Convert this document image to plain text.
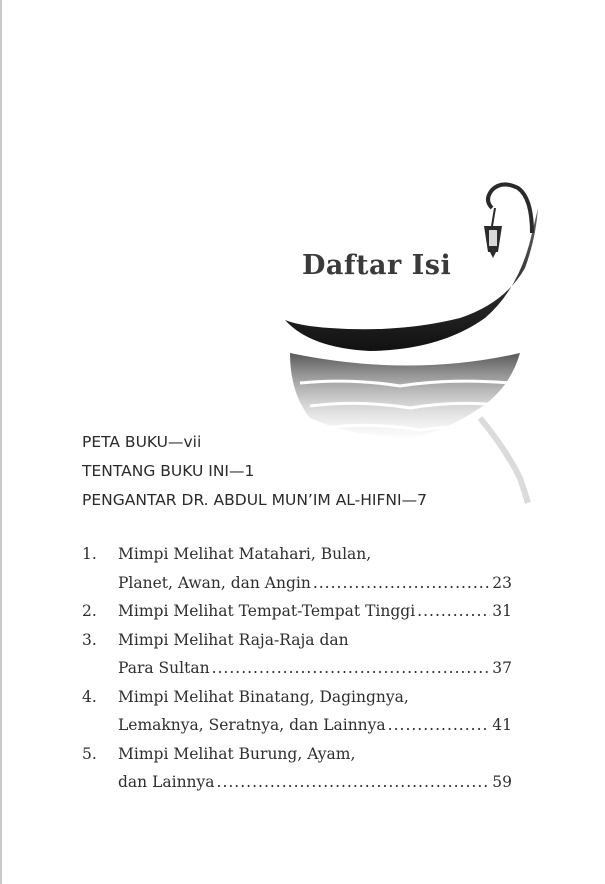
Daftar Isi
PETA BUKU—vii
TENTANG BUKU INI—1
PENGANTAR DR. ABDUL MUN’IM AL-HIFNI—7
1.	Mimpi Melihat Matahari, Bulan,
Planet, Awan, dan Angin .....	23
2.	Mimpi Melihat Tempat-Tempat Tinggi .....	31
3.	Mimpi Melihat Raja-Raja dan
Para Sultan .....	37
4.	Mimpi Melihat Binatang, Dagingnya,
Lemaknya, Seratnya, dan Lainnya .....	41
5.	Mimpi Melihat Burung, Ayam,
dan Lainnya .....	59
